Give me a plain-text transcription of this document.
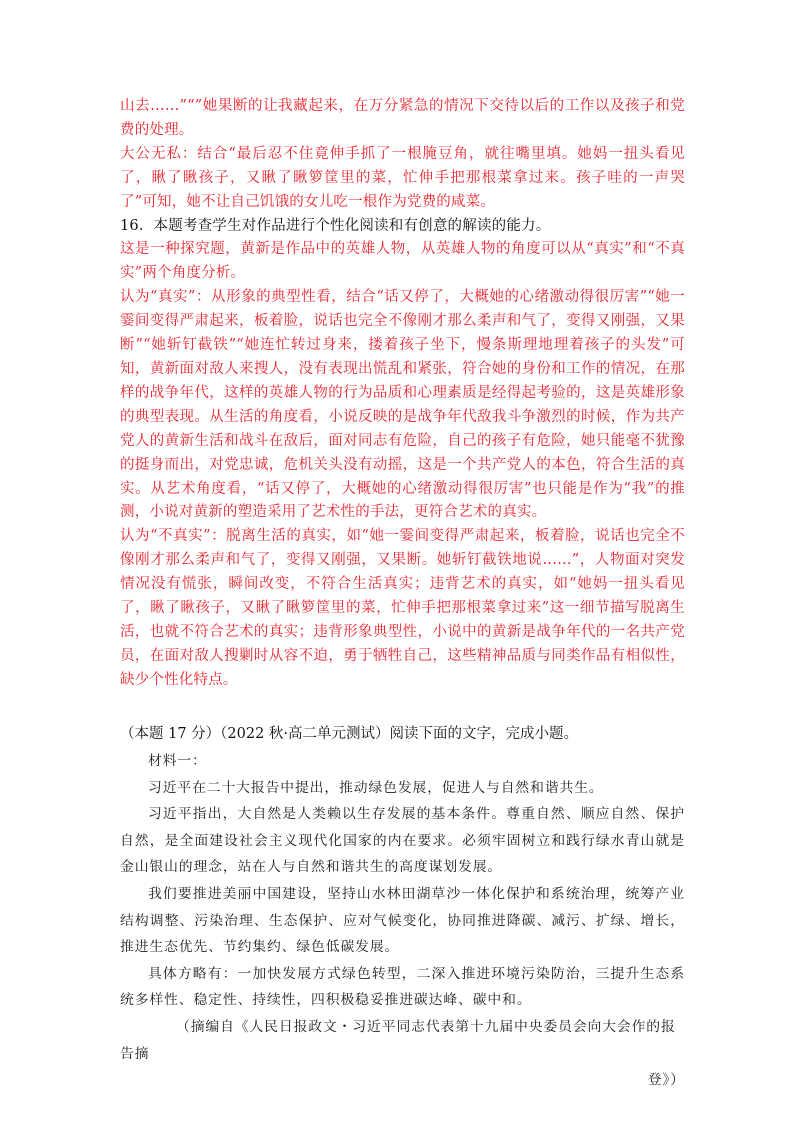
山去……”“”她果断的让我藏起来，在万分紧急的情况下交待以后的工作以及孩子和党费的处理。

大公无私：结合“最后忍不住竟伸手抓了一根腌豆角，就往嘴里填。她妈一扭头看见了，瞅了瞅孩子，又瞅了瞅箩筐里的菜，忙伸手把那根菜拿过来。孩子哇的一声哭了”可知，她不让自己饥饿的女儿吃一根作为党费的咸菜。

16．本题考查学生对作品进行个性化阅读和有创意的解读的能力。

这是一种探究题，黄新是作品中的英雄人物，从英雄人物的角度可以从“真实”和“不真实”两个角度分析。

认为“真实”：从形象的典型性看，结合“话又停了，大概她的心绪激动得很厉害”“她一霎间变得严肃起来，板着脸，说话也完全不像刚才那么柔声和气了，变得又刚强，又果断”“她斩钉截铁”“她连忙转过身来，搂着孩子坐下，慢条斯理地理着孩子的头发”可知，黄新面对敌人来搜人，没有表现出慌乱和紧张，符合她的身份和工作的情况，在那样的战争年代，这样的英雄人物的行为品质和心理素质是经得起考验的，这是英雄形象的典型表现。从生活的角度看，小说反映的是战争年代敌我斗争激烈的时候，作为共产党人的黄新生活和战斗在敌后，面对同志有危险，自己的孩子有危险，她只能毫不犹豫的挺身而出，对党忠诚，危机关头没有动摇，这是一个共产党人的本色，符合生活的真实。从艺术角度看，“话又停了，大概她的心绪激动得很厉害”也只能是作为“我”的推测，小说对黄新的塑造采用了艺术性的手法，更符合艺术的真实。

认为“不真实”：脱离生活的真实，如“她一霎间变得严肃起来，板着脸，说话也完全不像刚才那么柔声和气了，变得又刚强，又果断。她斩钉截铁地说……”，人物面对突发情况没有慌张，瞬间改变，不符合生活真实；违背艺术的真实，如“她妈一扭头看见了，瞅了瞅孩子，又瞅了瞅箩筐里的菜，忙伸手把那根菜拿过来”这一细节描写脱离生活，也就不符合艺术的真实；违背形象典型性，小说中的黄新是战争年代的一名共产党员，在面对敌人搜剿时从容不迫，勇于牺牲自己，这些精神品质与同类作品有相似性，缺少个性化特点。

（本题 17 分）（2022 秋·高二单元测试）阅读下面的文字，完成小题。

材料一：

习近平在二十大报告中提出，推动绿色发展，促进人与自然和谐共生。

习近平指出，大自然是人类赖以生存发展的基本条件。尊重自然、顺应自然、保护自然，是全面建设社会主义现代化国家的内在要求。必须牢固树立和践行绿水青山就是金山银山的理念，站在人与自然和谐共生的高度谋划发展。

我们要推进美丽中国建设，坚持山水林田湖草沙一体化保护和系统治理，统筹产业结构调整、污染治理、生态保护、应对气候变化，协同推进降碳、减污、扩绿、增长，推进生态优先、节约集约、绿色低碳发展。

具体方略有：一加快发展方式绿色转型，二深入推进环境污染防治，三提升生态系统多样性、稳定性、持续性，四积极稳妥推进碳达峰、碳中和。

（摘编自《人民日报政文・习近平同志代表第十九届中央委员会向大会作的报告摘

登》）
